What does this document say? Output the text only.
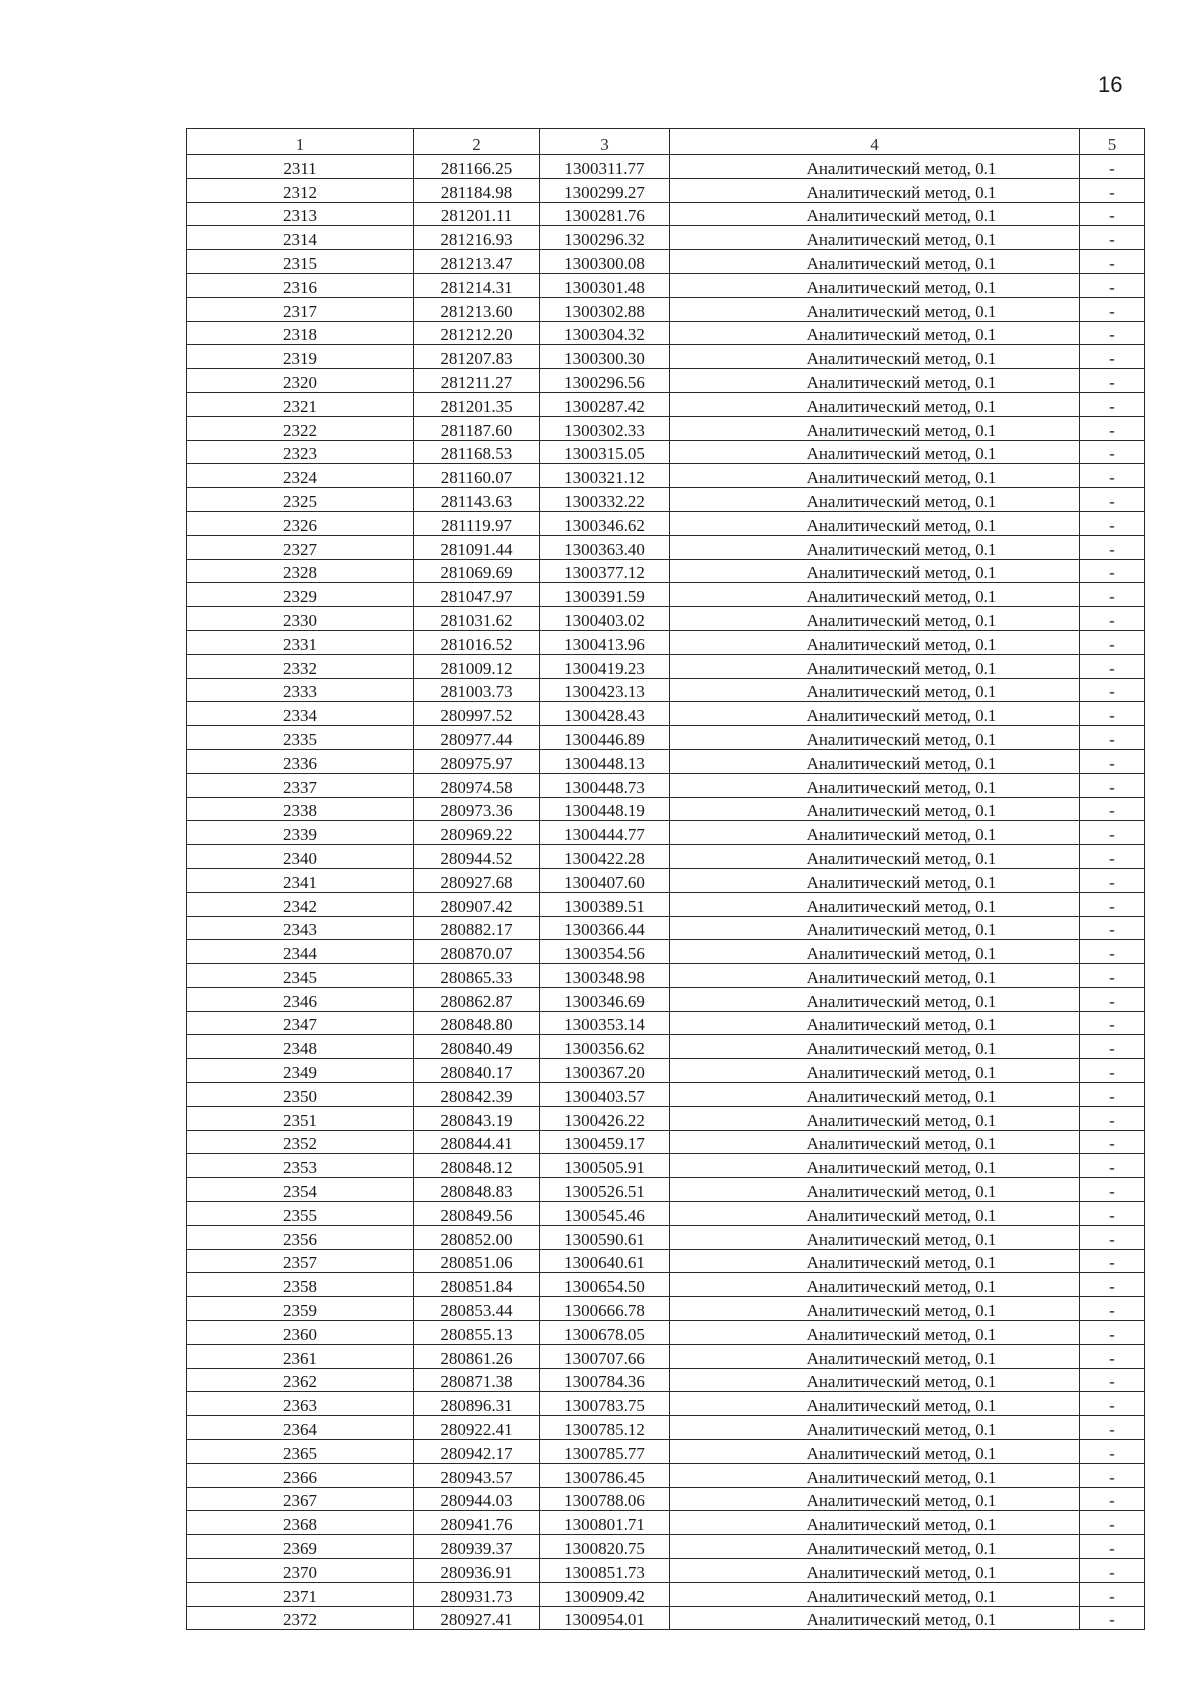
16
1	2	3	4	5
2311	281166.25	1300311.77	Аналитический метод, 0.1	-
2312	281184.98	1300299.27	Аналитический метод, 0.1	-
2313	281201.11	1300281.76	Аналитический метод, 0.1	-
2314	281216.93	1300296.32	Аналитический метод, 0.1	-
2315	281213.47	1300300.08	Аналитический метод, 0.1	-
2316	281214.31	1300301.48	Аналитический метод, 0.1	-
2317	281213.60	1300302.88	Аналитический метод, 0.1	-
2318	281212.20	1300304.32	Аналитический метод, 0.1	-
2319	281207.83	1300300.30	Аналитический метод, 0.1	-
2320	281211.27	1300296.56	Аналитический метод, 0.1	-
2321	281201.35	1300287.42	Аналитический метод, 0.1	-
2322	281187.60	1300302.33	Аналитический метод, 0.1	-
2323	281168.53	1300315.05	Аналитический метод, 0.1	-
2324	281160.07	1300321.12	Аналитический метод, 0.1	-
2325	281143.63	1300332.22	Аналитический метод, 0.1	-
2326	281119.97	1300346.62	Аналитический метод, 0.1	-
2327	281091.44	1300363.40	Аналитический метод, 0.1	-
2328	281069.69	1300377.12	Аналитический метод, 0.1	-
2329	281047.97	1300391.59	Аналитический метод, 0.1	-
2330	281031.62	1300403.02	Аналитический метод, 0.1	-
2331	281016.52	1300413.96	Аналитический метод, 0.1	-
2332	281009.12	1300419.23	Аналитический метод, 0.1	-
2333	281003.73	1300423.13	Аналитический метод, 0.1	-
2334	280997.52	1300428.43	Аналитический метод, 0.1	-
2335	280977.44	1300446.89	Аналитический метод, 0.1	-
2336	280975.97	1300448.13	Аналитический метод, 0.1	-
2337	280974.58	1300448.73	Аналитический метод, 0.1	-
2338	280973.36	1300448.19	Аналитический метод, 0.1	-
2339	280969.22	1300444.77	Аналитический метод, 0.1	-
2340	280944.52	1300422.28	Аналитический метод, 0.1	-
2341	280927.68	1300407.60	Аналитический метод, 0.1	-
2342	280907.42	1300389.51	Аналитический метод, 0.1	-
2343	280882.17	1300366.44	Аналитический метод, 0.1	-
2344	280870.07	1300354.56	Аналитический метод, 0.1	-
2345	280865.33	1300348.98	Аналитический метод, 0.1	-
2346	280862.87	1300346.69	Аналитический метод, 0.1	-
2347	280848.80	1300353.14	Аналитический метод, 0.1	-
2348	280840.49	1300356.62	Аналитический метод, 0.1	-
2349	280840.17	1300367.20	Аналитический метод, 0.1	-
2350	280842.39	1300403.57	Аналитический метод, 0.1	-
2351	280843.19	1300426.22	Аналитический метод, 0.1	-
2352	280844.41	1300459.17	Аналитический метод, 0.1	-
2353	280848.12	1300505.91	Аналитический метод, 0.1	-
2354	280848.83	1300526.51	Аналитический метод, 0.1	-
2355	280849.56	1300545.46	Аналитический метод, 0.1	-
2356	280852.00	1300590.61	Аналитический метод, 0.1	-
2357	280851.06	1300640.61	Аналитический метод, 0.1	-
2358	280851.84	1300654.50	Аналитический метод, 0.1	-
2359	280853.44	1300666.78	Аналитический метод, 0.1	-
2360	280855.13	1300678.05	Аналитический метод, 0.1	-
2361	280861.26	1300707.66	Аналитический метод, 0.1	-
2362	280871.38	1300784.36	Аналитический метод, 0.1	-
2363	280896.31	1300783.75	Аналитический метод, 0.1	-
2364	280922.41	1300785.12	Аналитический метод, 0.1	-
2365	280942.17	1300785.77	Аналитический метод, 0.1	-
2366	280943.57	1300786.45	Аналитический метод, 0.1	-
2367	280944.03	1300788.06	Аналитический метод, 0.1	-
2368	280941.76	1300801.71	Аналитический метод, 0.1	-
2369	280939.37	1300820.75	Аналитический метод, 0.1	-
2370	280936.91	1300851.73	Аналитический метод, 0.1	-
2371	280931.73	1300909.42	Аналитический метод, 0.1	-
2372	280927.41	1300954.01	Аналитический метод, 0.1	-
